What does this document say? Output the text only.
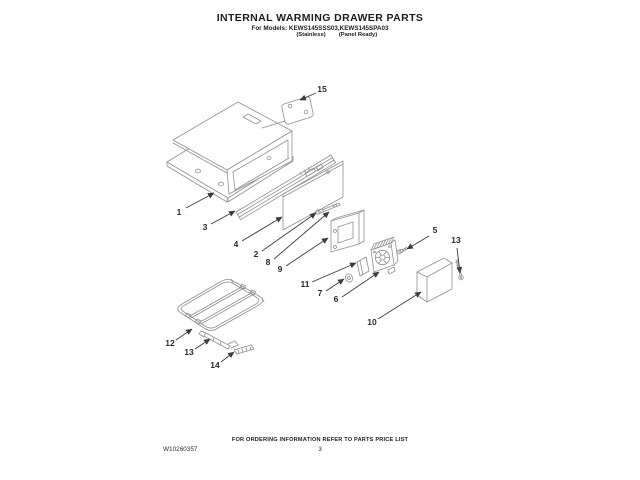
INTERNAL WARMING DRAWER PARTS
For Models: KEWS145SSS03,KEWS145SPA03
(Stainless) (Panel Ready)
15
1
3
4
2
8
9
11
7
6
5
13
10
12
13
14
FOR ORDERING INFORMATION REFER TO PARTS PRICE LIST
W10260357	3
